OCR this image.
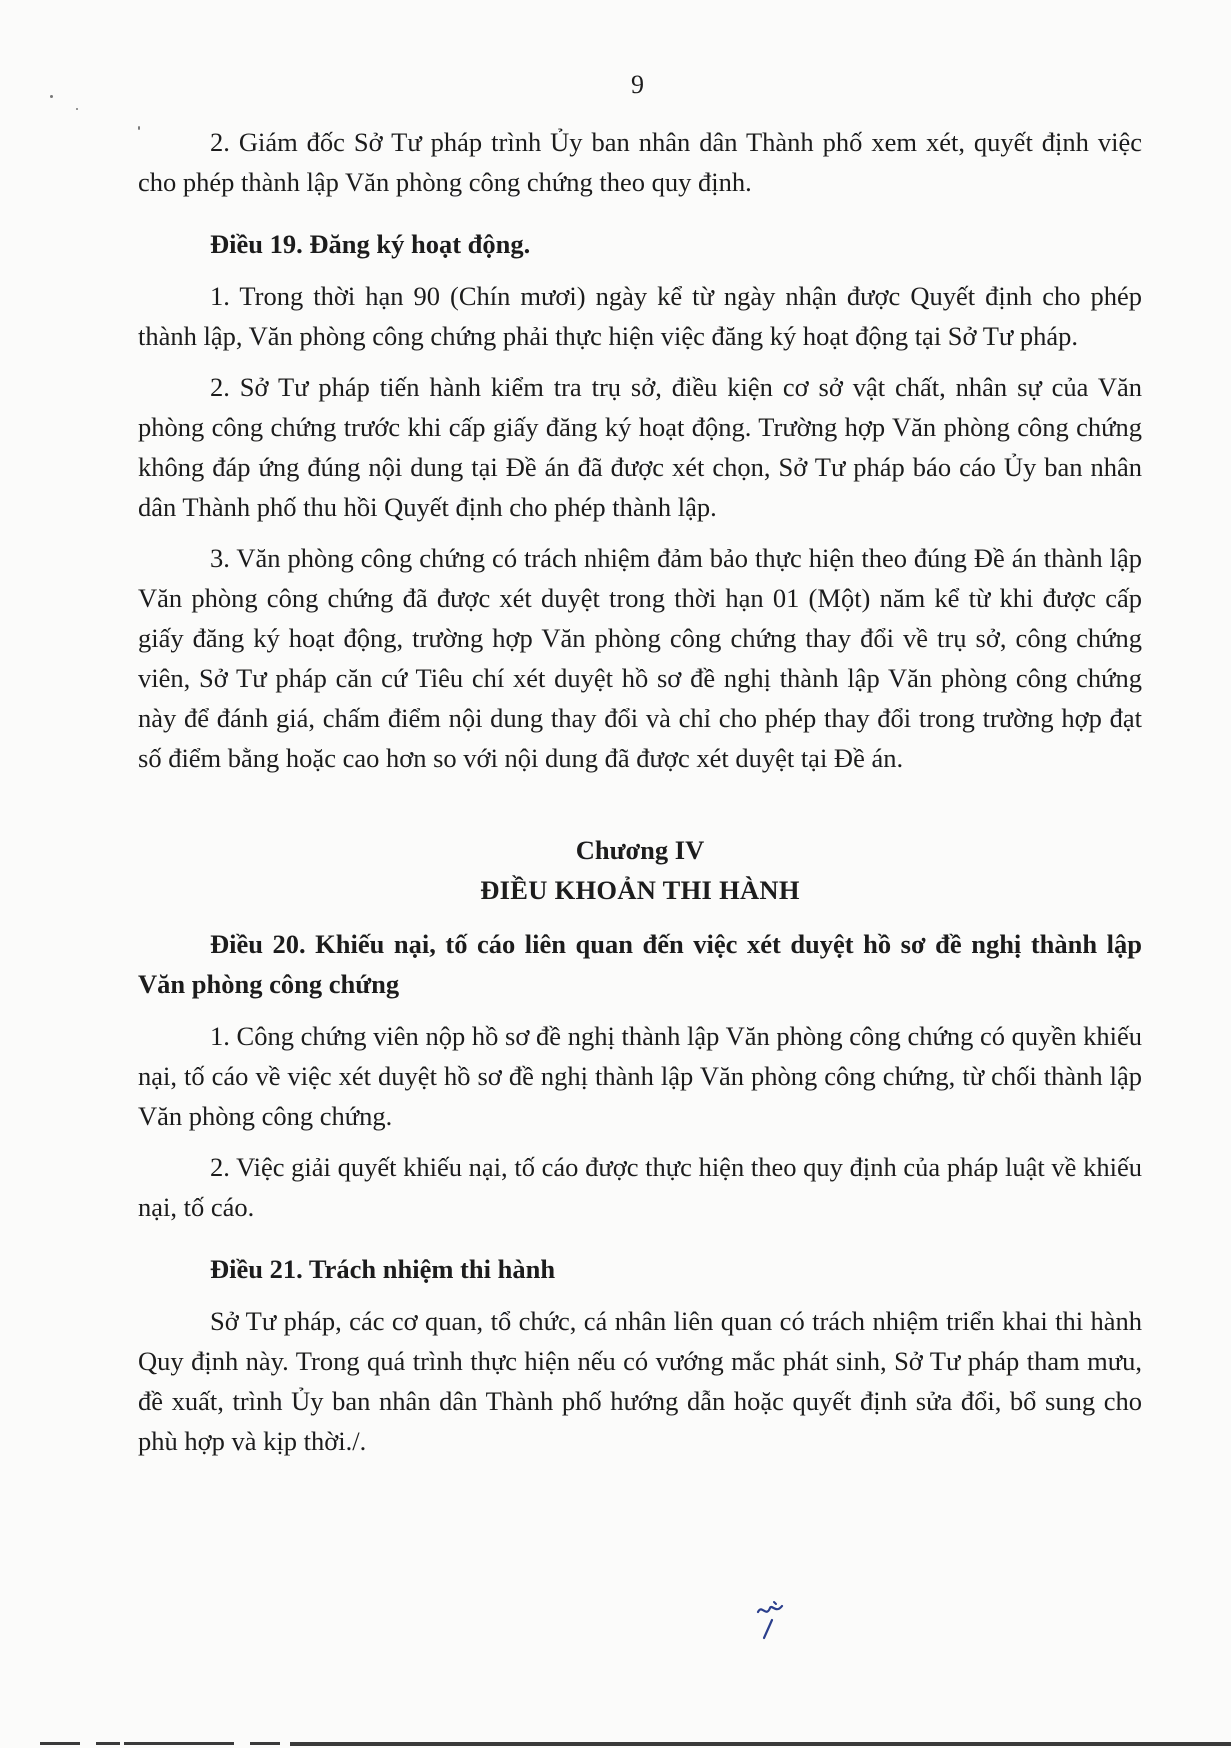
9

2. Giám đốc Sở Tư pháp trình Ủy ban nhân dân Thành phố xem xét, quyết định việc cho phép thành lập Văn phòng công chứng theo quy định.

Điều 19. Đăng ký hoạt động.

1. Trong thời hạn 90 (Chín mươi) ngày kể từ ngày nhận được Quyết định cho phép thành lập, Văn phòng công chứng phải thực hiện việc đăng ký hoạt động tại Sở Tư pháp.

2. Sở Tư pháp tiến hành kiểm tra trụ sở, điều kiện cơ sở vật chất, nhân sự của Văn phòng công chứng trước khi cấp giấy đăng ký hoạt động. Trường hợp Văn phòng công chứng không đáp ứng đúng nội dung tại Đề án đã được xét chọn, Sở Tư pháp báo cáo Ủy ban nhân dân Thành phố thu hồi Quyết định cho phép thành lập.

3. Văn phòng công chứng có trách nhiệm đảm bảo thực hiện theo đúng Đề án thành lập Văn phòng công chứng đã được xét duyệt trong thời hạn 01 (Một) năm kể từ khi được cấp giấy đăng ký hoạt động, trường hợp Văn phòng công chứng thay đổi về trụ sở, công chứng viên, Sở Tư pháp căn cứ Tiêu chí xét duyệt hồ sơ đề nghị thành lập Văn phòng công chứng này để đánh giá, chấm điểm nội dung thay đổi và chỉ cho phép thay đổi trong trường hợp đạt số điểm bằng hoặc cao hơn so với nội dung đã được xét duyệt tại Đề án.

Chương IV

ĐIỀU KHOẢN THI HÀNH

Điều 20. Khiếu nại, tố cáo liên quan đến việc xét duyệt hồ sơ đề nghị thành lập Văn phòng công chứng

1. Công chứng viên nộp hồ sơ đề nghị thành lập Văn phòng công chứng có quyền khiếu nại, tố cáo về việc xét duyệt hồ sơ đề nghị thành lập Văn phòng công chứng, từ chối thành lập Văn phòng công chứng.

2. Việc giải quyết khiếu nại, tố cáo được thực hiện theo quy định của pháp luật về khiếu nại, tố cáo.

Điều 21. Trách nhiệm thi hành

Sở Tư pháp, các cơ quan, tổ chức, cá nhân liên quan có trách nhiệm triển khai thi hành Quy định này. Trong quá trình thực hiện nếu có vướng mắc phát sinh, Sở Tư pháp tham mưu, đề xuất, trình Ủy ban nhân dân Thành phố hướng dẫn hoặc quyết định sửa đổi, bổ sung cho phù hợp và kịp thời./.
